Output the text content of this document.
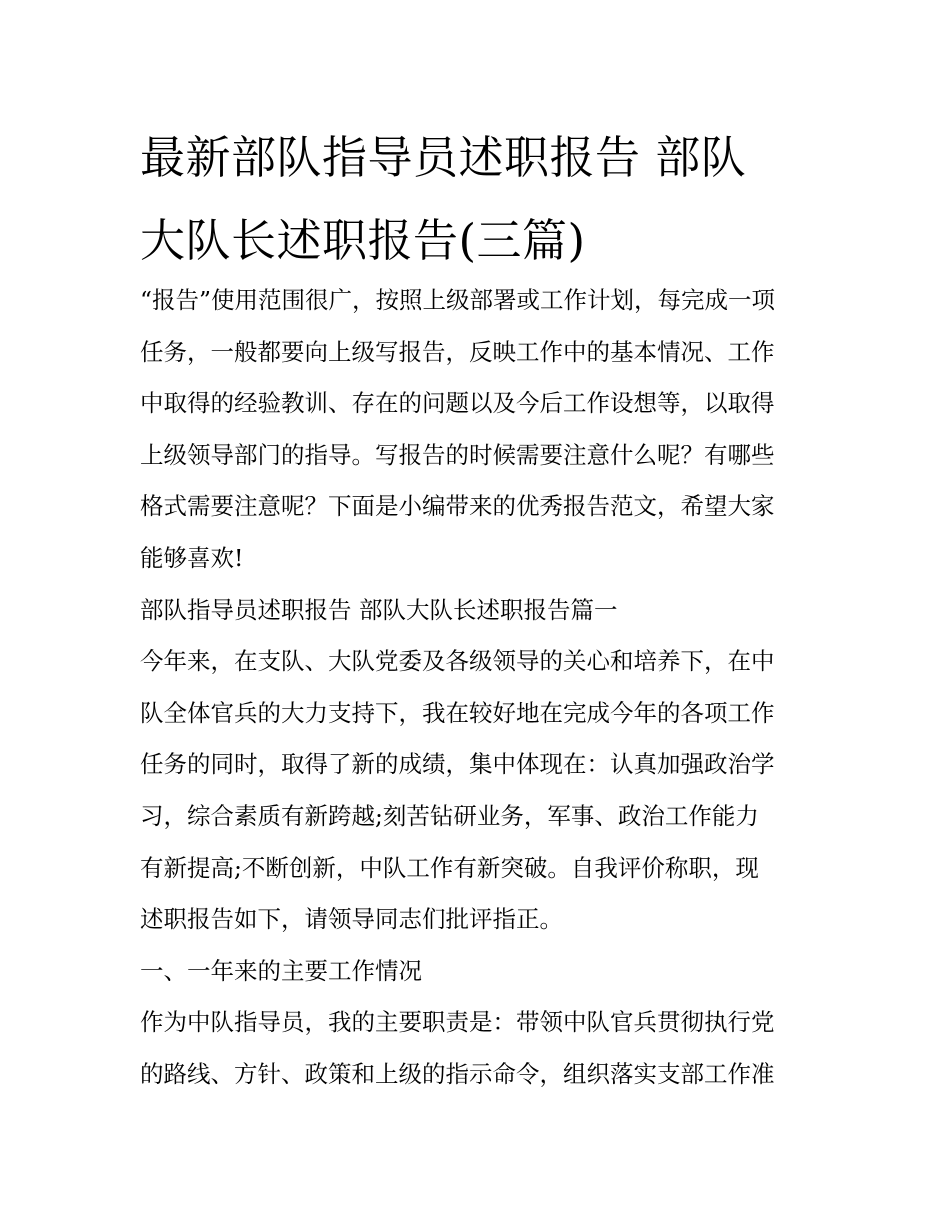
最新部队指导员述职报告 部队
大队长述职报告(三篇)
“报告”使用范围很广，按照上级部署或工作计划，每完成一项
任务，一般都要向上级写报告，反映工作中的基本情况、工作
中取得的经验教训、存在的问题以及今后工作设想等，以取得
上级领导部门的指导。写报告的时候需要注意什么呢？有哪些
格式需要注意呢？下面是小编带来的优秀报告范文，希望大家
能够喜欢!
部队指导员述职报告 部队大队长述职报告篇一
今年来，在支队、大队党委及各级领导的关心和培养下，在中
队全体官兵的大力支持下，我在较好地在完成今年的各项工作
任务的同时，取得了新的成绩，集中体现在：认真加强政治学
习，综合素质有新跨越;刻苦钻研业务，军事、政治工作能力
有新提高;不断创新，中队工作有新突破。自我评价称职，现
述职报告如下，请领导同志们批评指正。
一、一年来的主要工作情况
作为中队指导员，我的主要职责是：带领中队官兵贯彻执行党
的路线、方针、政策和上级的指示命令，组织落实支部工作准
